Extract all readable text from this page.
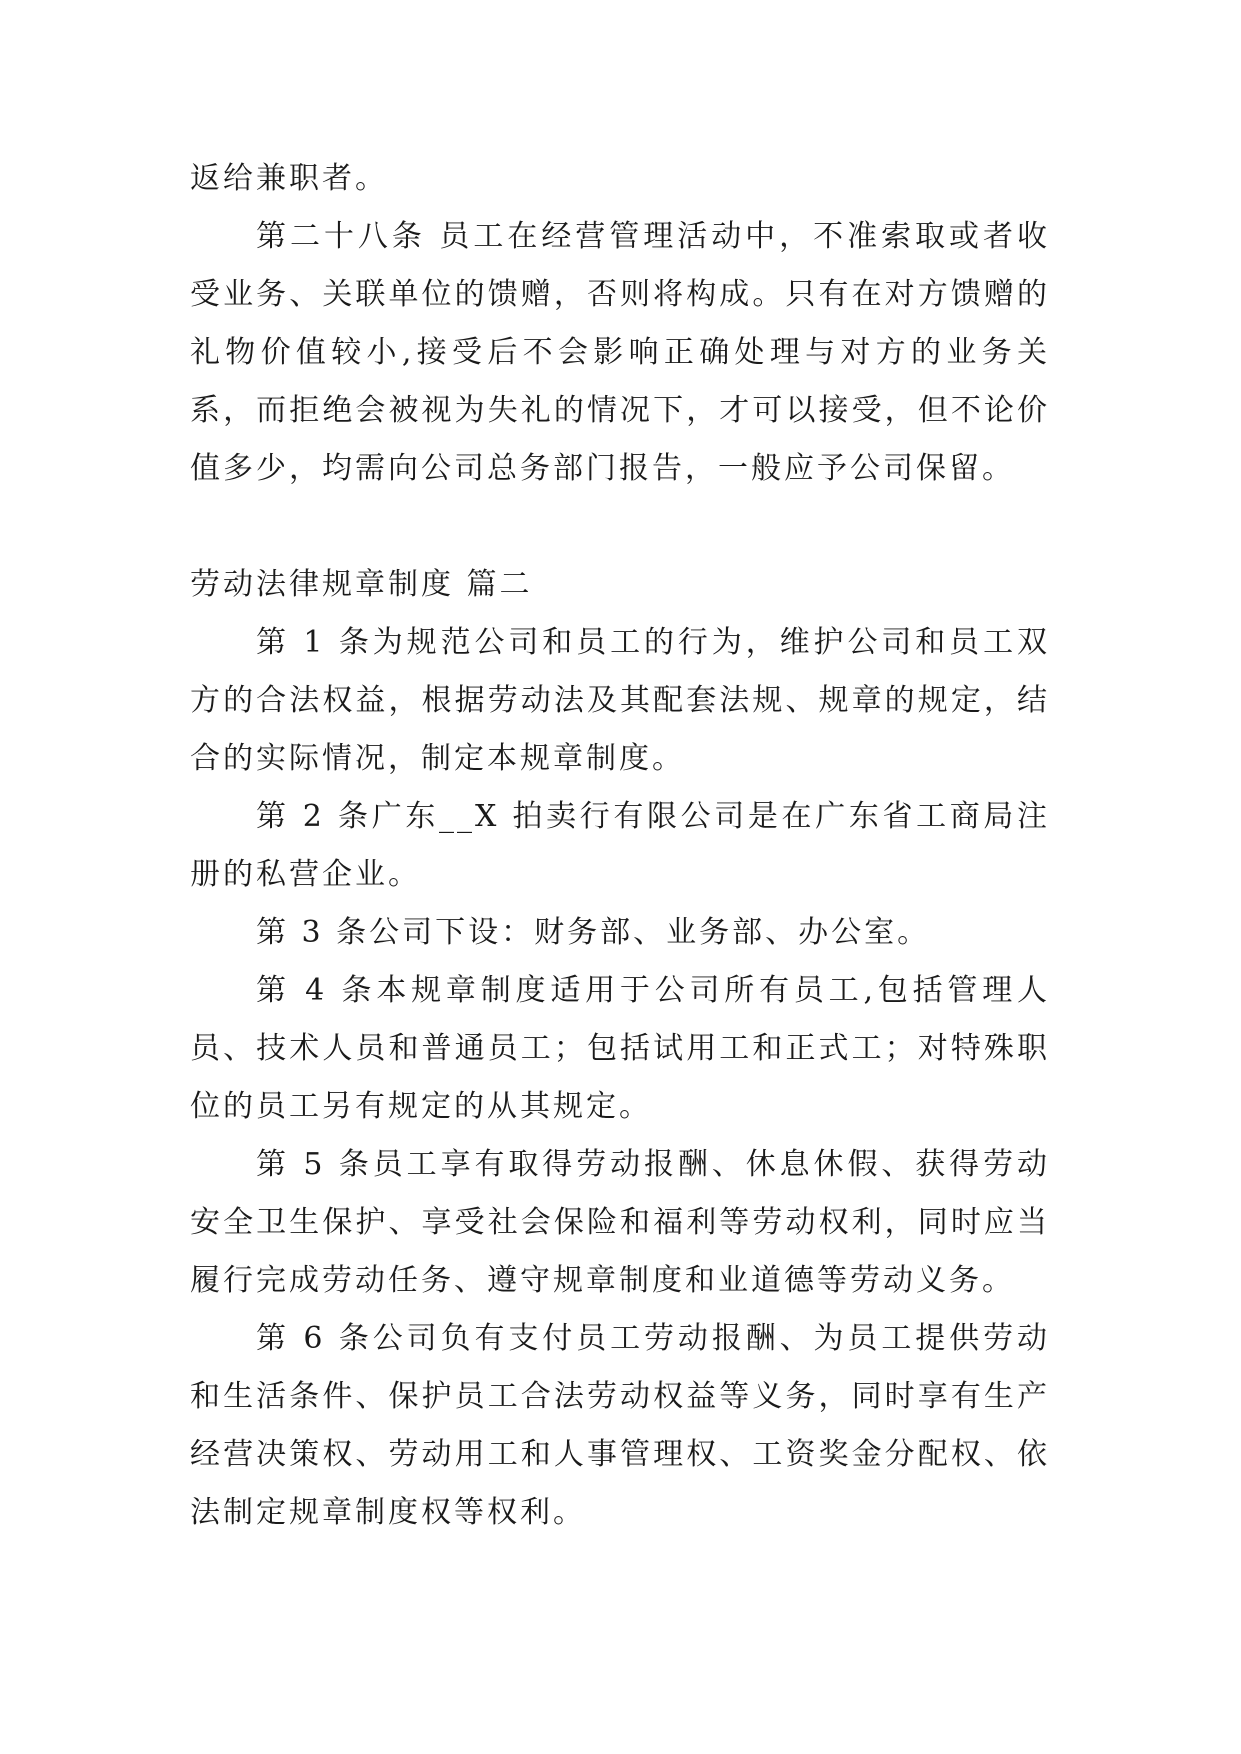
返给兼职者。

第二十八条 员工在经营管理活动中，不准索取或者收受业务、关联单位的馈赠，否则将构成。只有在对方馈赠的礼物价值较小,接受后不会影响正确处理与对方的业务关系，而拒绝会被视为失礼的情况下，才可以接受，但不论价值多少，均需向公司总务部门报告，一般应予公司保留。

劳动法律规章制度 篇二

第 1 条为规范公司和员工的行为，维护公司和员工双方的合法权益，根据劳动法及其配套法规、规章的规定，结合的实际情况，制定本规章制度。

第 2 条广东__X 拍卖行有限公司是在广东省工商局注册的私营企业。

第 3 条公司下设：财务部、业务部、办公室。

第 4 条本规章制度适用于公司所有员工,包括管理人员、技术人员和普通员工；包括试用工和正式工；对特殊职位的员工另有规定的从其规定。

第 5 条员工享有取得劳动报酬、休息休假、获得劳动安全卫生保护、享受社会保险和福利等劳动权利，同时应当履行完成劳动任务、遵守规章制度和业道德等劳动义务。

第 6 条公司负有支付员工劳动报酬、为员工提供劳动和生活条件、保护员工合法劳动权益等义务，同时享有生产经营决策权、劳动用工和人事管理权、工资奖金分配权、依法制定规章制度权等权利。
